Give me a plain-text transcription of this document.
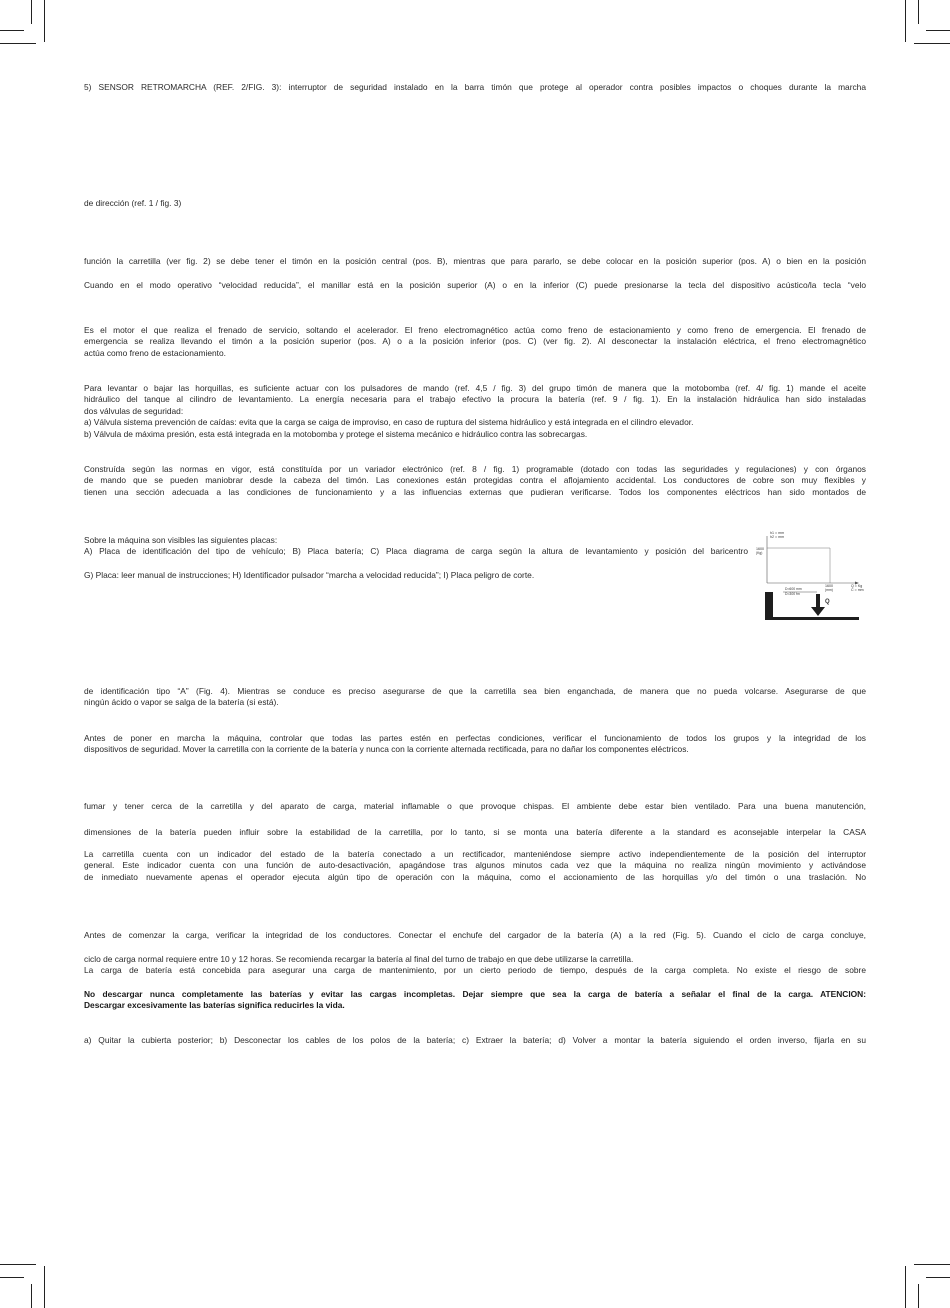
5) SENSOR RETROMARCHA (REF. 2/FIG. 3): interruptor de seguridad instalado en la barra timón que protege al operador contra posibles impactos o choques durante la marcha

de dirección (ref. 1 / fig. 3)

función la carretilla (ver fig. 2) se debe tener el timón en la posición central (pos. B), mientras que para pararlo, se debe colocar en la posición superior (pos. A) o bien en la posición

Cuando en el modo operativo “velocidad reducida”, el manillar está en la posición superior (A) o en la inferior (C) puede presionarse la tecla del dispositivo acústico/la tecla “velo

Es el motor el que realiza el frenado de servicio, soltando el acelerador. El freno electromagnético actúa como freno de estacionamiento y como freno de emergencia. El frenado de
emergencia se realiza llevando el timón a la posición superior (pos. A) o a la posición inferior (pos. C) (ver fig. 2). Al desconectar la instalación eléctrica, el freno electromagnético
actúa como freno de estacionamiento.

Para levantar o bajar las horquillas, es suficiente actuar con los pulsadores de mando (ref. 4,5 / fig. 3) del grupo timón de manera que la motobomba (ref. 4/ fig. 1) mande el aceite
hidráulico del tanque al cilindro de levantamiento. La energía necesaria para el trabajo efectivo la procura la batería (ref. 9 / fig. 1). En la instalación hidráulica han sido instaladas
dos válvulas de seguridad:
a) Válvula sistema prevención de caídas: evita que la carga se caiga de improviso, en caso de ruptura del sistema hidráulico y está integrada en el cilindro elevador.
b) Válvula de máxima presión, esta está integrada en la motobomba y protege el sistema mecánico e hidráulico contra las sobrecargas.

Construída según las normas en vigor, está constituída por un variador electrónico (ref. 8 / fig. 1) programable (dotado con todas las seguridades y regulaciones) y con órganos
de mando que se pueden maniobrar desde la cabeza del timón. Las conexiones están protegidas contra el aflojamiento accidental. Los conductores de cobre son muy flexibles y
tienen una sección adecuada a las condiciones de funcionamiento y a las influencias externas que pudieran verificarse. Todos los componentes eléctricos han sido montados de

Sobre la máquina son visibles las siguientes placas:
A) Placa de identificación del tipo de vehículo; B) Placa batería; C) Placa diagrama de carga según la altura de levantamiento y posición del baricentro

G) Placa: leer manual de instrucciones; H) Identificador pulsador “marcha a velocidad reducida”; I) Placa peligro de corte.

h1 = mm
h2 = mm
1600
(Kg)
1600
(mm)
Q = Kg
C = mm
D=600 mm
D=300 fm
Q

de identificación tipo “A” (Fig. 4). Mientras se conduce es preciso asegurarse de que la carretilla sea bien enganchada, de manera que no pueda volcarse. Asegurarse de que
ningún ácido o vapor se salga de la batería (si está).

Antes de poner en marcha la máquina, controlar que todas las partes estén en perfectas condiciones, verificar el funcionamiento de todos los grupos y la integridad de los
dispositivos de seguridad. Mover la carretilla con la corriente de la batería y nunca con la corriente alternada rectificada, para no dañar los componentes eléctricos.

fumar y tener cerca de la carretilla y del aparato de carga, material inflamable o que provoque chispas. El ambiente debe estar bien ventilado. Para una buena manutención,

dimensiones de la batería pueden influir sobre la estabilidad de la carretilla, por lo tanto, si se monta una batería diferente a la standard es aconsejable interpelar la CASA

La carretilla cuenta con un indicador del estado de la batería conectado a un rectificador, manteniéndose siempre activo independientemente de la posición del interruptor
general. Este indicador cuenta con una función de auto-desactivación, apagándose tras algunos minutos cada vez que la máquina no realiza ningún movimiento y activándose
de inmediato nuevamente apenas el operador ejecuta algún tipo de operación con la máquina, como el accionamiento de las horquillas y/o del timón o una traslación. No

Antes de comenzar la carga, verificar la integridad de los conductores. Conectar el enchufe del cargador de la batería (A) a la red (Fig. 5). Cuando el ciclo de carga concluye,

ciclo de carga normal requiere entre 10 y 12 horas. Se recomienda recargar la batería al final del turno de trabajo en que debe utilizarse la carretilla.
La carga de batería está concebida para asegurar una carga de mantenimiento, por un cierto periodo de tiempo, después de la carga completa. No existe el riesgo de sobre

No descargar nunca completamente las baterías y evitar las cargas incompletas. Dejar siempre que sea la carga de batería a señalar el final de la carga. ATENCION:
Descargar excesivamente las baterías significa reducirles la vida.

a) Quitar la cubierta posterior; b) Desconectar los cables de los polos de la batería; c) Extraer la batería; d) Volver a montar la batería siguiendo el orden inverso, fijarla en su
